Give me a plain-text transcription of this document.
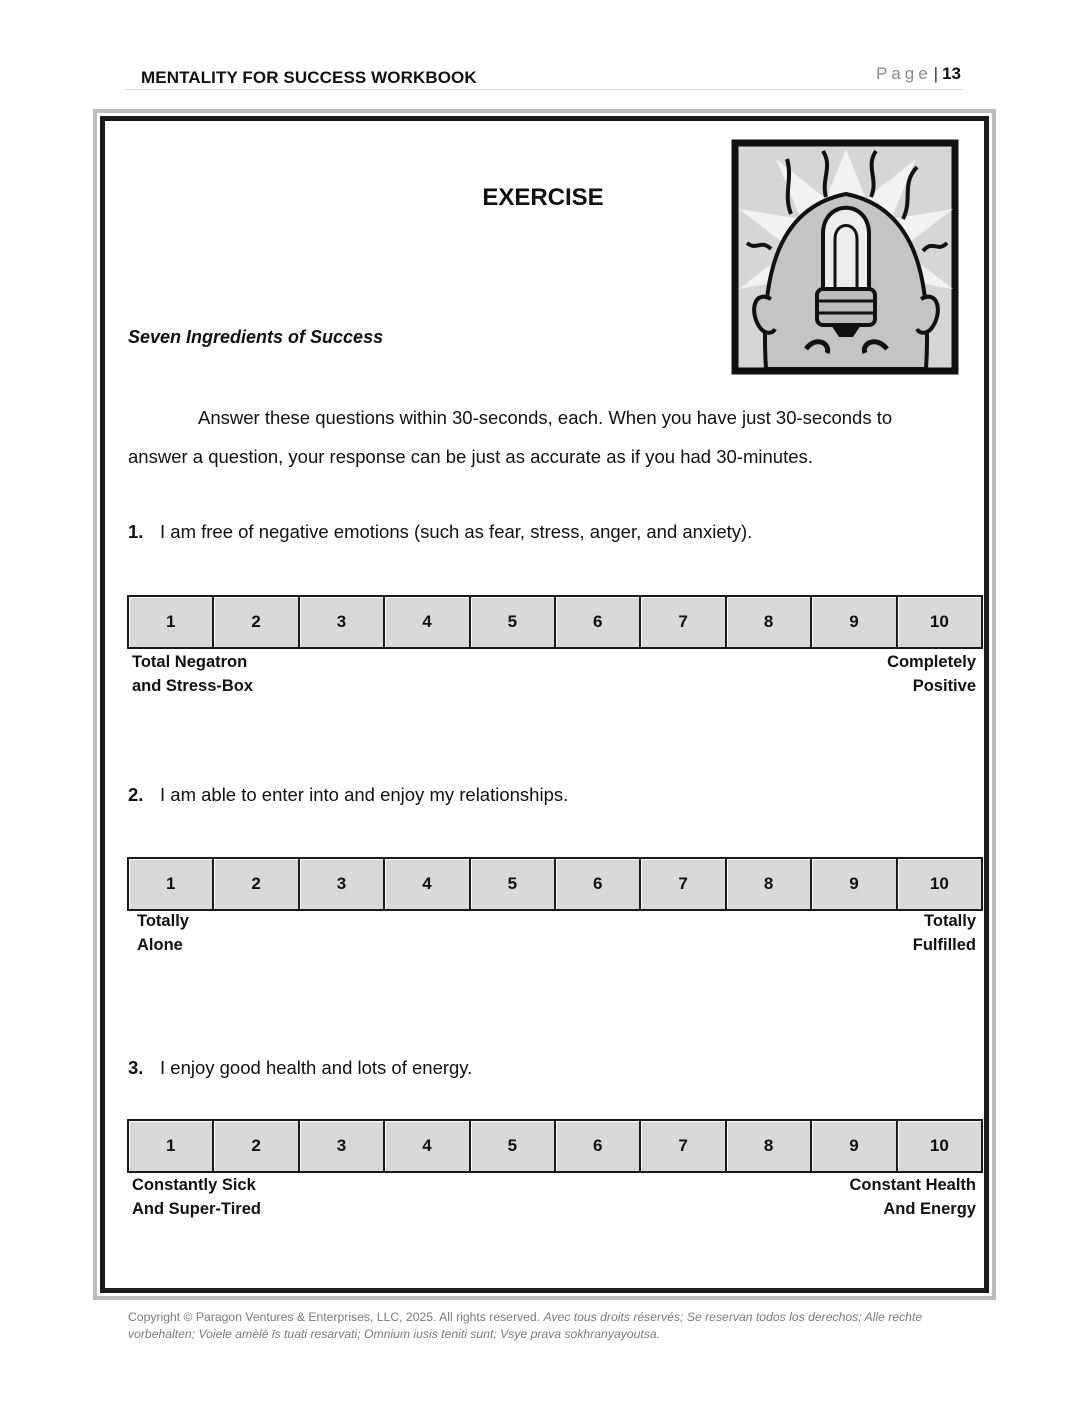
MENTALITY FOR SUCCESS WORKBOOK	Page | 13
EXERCISE
Seven Ingredients of Success

Answer these questions within 30-seconds, each. When you have just 30-seconds to answer a question, your response can be just as accurate as if you had 30-minutes.

1. I am free of negative emotions (such as fear, stress, anger, and anxiety).
1	2	3	4	5	6	7	8	9	10
Total Negatron
and Stress-Box
Completely
Positive
2. I am able to enter into and enjoy my relationships.
1	2	3	4	5	6	7	8	9	10
Totally
Alone
Totally
Fulfilled
3. I enjoy good health and lots of energy.
1	2	3	4	5	6	7	8	9	10
Constantly Sick
And Super-Tired
Constant Health
And Energy
Copyright © Paragon Ventures & Enterprises, LLC, 2025. All rights reserved. Avec tous droits réservés; Se reservan todos los derechos; Alle rechte vorbehalten; Voiele amèlē īs tuati resarvati; Omnium iusis teniti sunt; Vsye prava sokhranyayoutsa.
